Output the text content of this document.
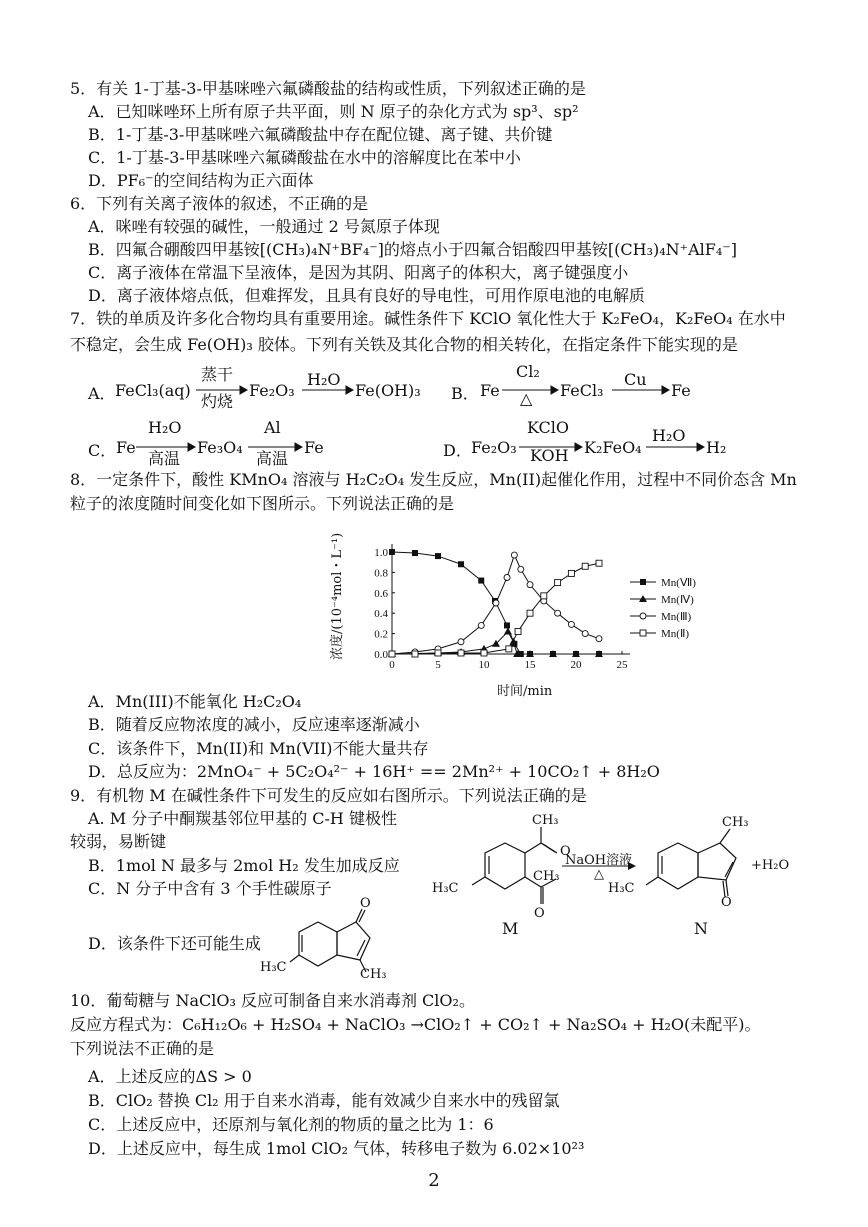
5．有关 1-丁基-3-甲基咪唑六氟磷酸盐的结构或性质，下列叙述正确的是
A．已知咪唑环上所有原子共平面，则 N 原子的杂化方式为 sp³、sp²
B．1-丁基-3-甲基咪唑六氟磷酸盐中存在配位键、离子键、共价键
C．1-丁基-3-甲基咪唑六氟磷酸盐在水中的溶解度比在苯中小
D．PF₆⁻的空间结构为正六面体
6．下列有关离子液体的叙述，不正确的是
A．咪唑有较强的碱性，一般通过 2 号氮原子体现
B．四氟合硼酸四甲基铵[(CH₃)₄N⁺BF₄⁻]的熔点小于四氟合铝酸四甲基铵[(CH₃)₄N⁺AlF₄⁻]
C．离子液体在常温下呈液体，是因为其阴、阳离子的体积大，离子键强度小
D．离子液体熔点低，但难挥发，且具有良好的导电性，可用作原电池的电解质
7．铁的单质及许多化合物均具有重要用途。碱性条件下 KClO 氧化性大于 K₂FeO₄，K₂FeO₄ 在水中
不稳定，会生成 Fe(OH)₃ 胶体。下列有关铁及其化合物的相关转化，在指定条件下能实现的是
A． FeCl₃(aq)
蒸干
灼烧
Fe₂O₃
H₂O
Fe(OH)₃ B． Fe
Cl₂
△ FeCl₃
Cu
Fe
C． Fe
H₂O
高温
Fe₃O₄
Al
高温
Fe	D． Fe₂O₃
KClO
KOH K₂FeO₄
H₂O
H₂
8．一定条件下，酸性 KMnO₄ 溶液与 H₂C₂O₄ 发生反应，Mn(II)起催化作用，过程中不同价态含 Mn
粒子的浓度随时间变化如下图所示。下列说法正确的是
0	5	10	15	20	25
0.0
0.2
0.4
0.6
0.8
1.0
Mn(Ⅶ)
Mn(Ⅳ)
Mn(Ⅲ)
Mn(Ⅱ)
时间/min
浓度/(10⁻⁴mol・L⁻¹)
A．Mn(III)不能氧化 H₂C₂O₄
B．随着反应物浓度的减小，反应速率逐渐减小
C．该条件下，Mn(II)和 Mn(VII)不能大量共存
D．总反应为：2MnO₄⁻ + 5C₂O₄²⁻ + 16H⁺ == 2Mn²⁺ + 10CO₂↑ + 8H₂O
9．有机物 M 在碱性条件下可发生的反应如右图所示。下列说法正确的是
A. M 分子中酮羰基邻位甲基的 C-H 键极性
较弱，易断键
B．1mol N 最多与 2mol H₂ 发生加成反应
C．N 分子中含有 3 个手性碳原子
D．该条件下还可能生成
CH₃
O
O
CH₃
H₃C
M
NaOH溶液
△
CH₃
O
H₃C
+H₂O
N
O
CH₃
H₃C
10．葡萄糖与 NaClO₃ 反应可制备自来水消毒剂 ClO₂。
反应方程式为：C₆H₁₂O₆ + H₂SO₄ + NaClO₃ →ClO₂↑ + CO₂↑ + Na₂SO₄ + H₂O(未配平)。
下列说法不正确的是
A．上述反应的ΔS > 0
B．ClO₂ 替换 Cl₂ 用于自来水消毒，能有效减少自来水中的残留氯
C．上述反应中，还原剂与氧化剂的物质的量之比为 1：6
D．上述反应中，每生成 1mol ClO₂ 气体，转移电子数为 6.02×10²³
2
